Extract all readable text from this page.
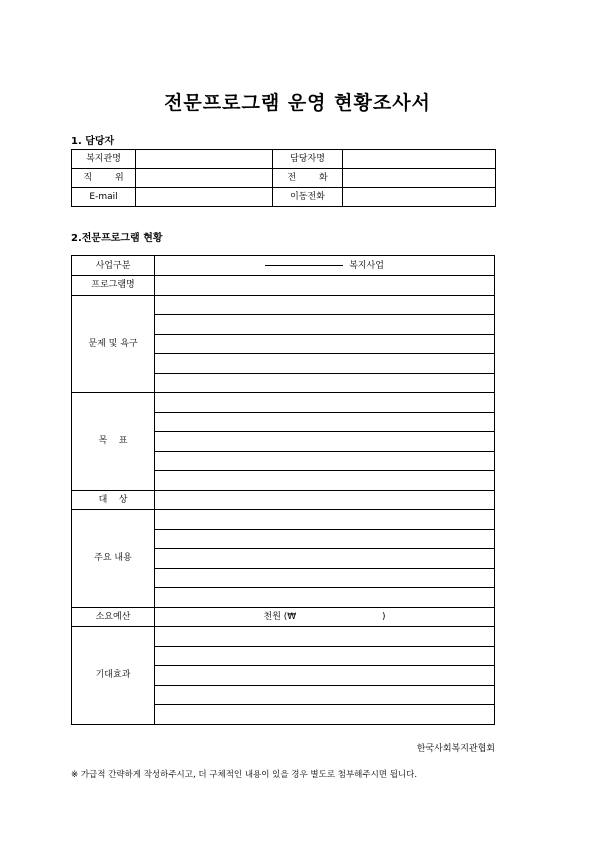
전문프로그램 운영 현황조사서
1. 담당자
복지관명		담당자명	
직        위		전        화	
E-mail		이동전화	
2.전문프로그램 현황
사업구분	복지사업
프로그램명	
문제 및 욕구	

목    표	

대    상	
주요 내용	

소요예산	천원 (₩                              )
기대효과	

한국사회복지관협회
※ 가급적 간략하게 작성하주시고, 더 구체적인 내용이 있을 경우 별도로 첨부해주시면 됩니다.
